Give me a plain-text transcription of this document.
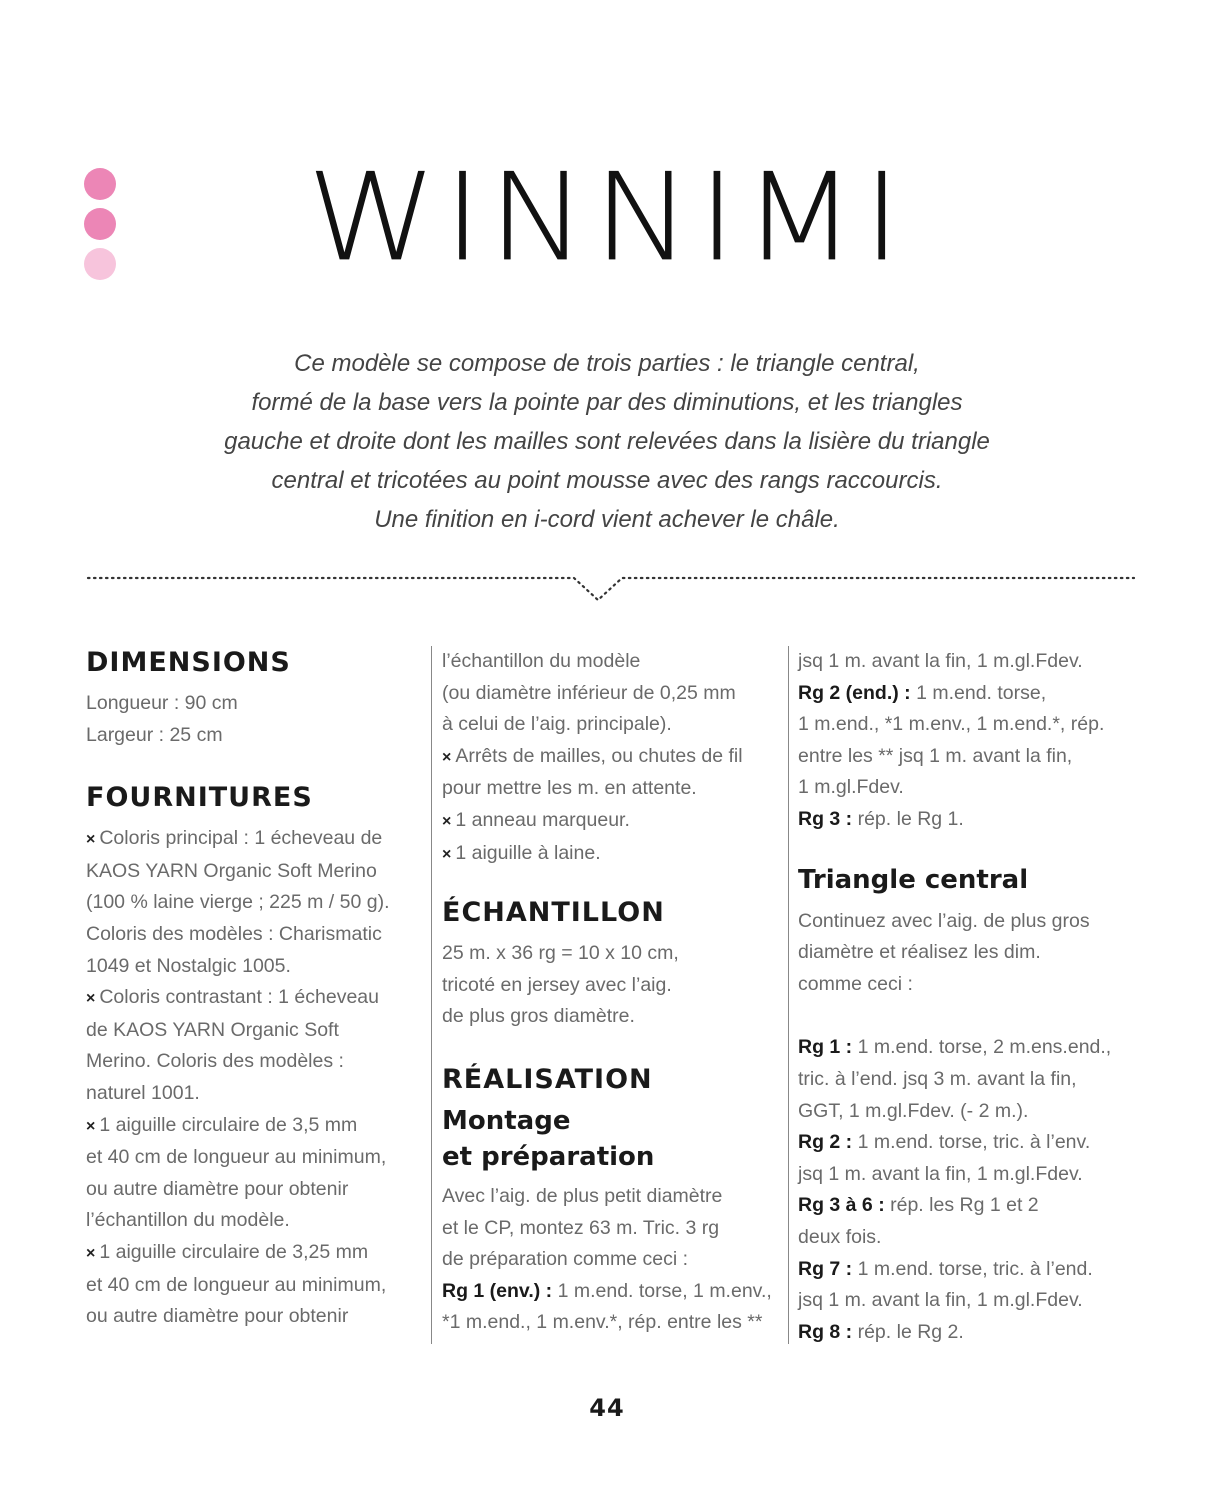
WINNIMI
Ce modèle se compose de trois parties : le triangle central,
formé de la base vers la pointe par des diminutions, et les triangles
gauche et droite dont les mailles sont relevées dans la lisière du triangle
central et tricotées au point mousse avec des rangs raccourcis.
Une finition en i-cord vient achever le châle.
DIMENSIONS
Longueur : 90 cm
Largeur : 25 cm
FOURNITURES
× Coloris principal : 1 écheveau de
KAOS YARN Organic Soft Merino
(100 % laine vierge ; 225 m / 50 g).
Coloris des modèles : Charismatic
1049 et Nostalgic 1005.
× Coloris contrastant : 1 écheveau
de KAOS YARN Organic Soft
Merino. Coloris des modèles :
naturel 1001.
× 1 aiguille circulaire de 3,5 mm
et 40 cm de longueur au minimum,
ou autre diamètre pour obtenir
l’échantillon du modèle.
× 1 aiguille circulaire de 3,25 mm
et 40 cm de longueur au minimum,
ou autre diamètre pour obtenir
l’échantillon du modèle
(ou diamètre inférieur de 0,25 mm
à celui de l’aig. principale).
× Arrêts de mailles, ou chutes de fil
pour mettre les m. en attente.
× 1 anneau marqueur.
× 1 aiguille à laine.
ÉCHANTILLON
25 m. x 36 rg = 10 x 10 cm,
tricoté en jersey avec l’aig.
de plus gros diamètre.
RÉALISATION
Montage
et préparation
Avec l’aig. de plus petit diamètre
et le CP, montez 63 m. Tric. 3 rg
de préparation comme ceci :
Rg 1 (env.) : 1 m.end. torse, 1 m.env.,
*1 m.end., 1 m.env.*, rép. entre les **
jsq 1 m. avant la fin, 1 m.gl.Fdev.
Rg 2 (end.) : 1 m.end. torse,
1 m.end., *1 m.env., 1 m.end.*, rép.
entre les ** jsq 1 m. avant la fin,
1 m.gl.Fdev.
Rg 3 : rép. le Rg 1.
Triangle central
Continuez avec l’aig. de plus gros
diamètre et réalisez les dim.
comme ceci :
Rg 1 : 1 m.end. torse, 2 m.ens.end.,
tric. à l’end. jsq 3 m. avant la fin,
GGT, 1 m.gl.Fdev. (- 2 m.).
Rg 2 : 1 m.end. torse, tric. à l’env.
jsq 1 m. avant la fin, 1 m.gl.Fdev.
Rg 3 à 6 : rép. les Rg 1 et 2
deux fois.
Rg 7 : 1 m.end. torse, tric. à l’end.
jsq 1 m. avant la fin, 1 m.gl.Fdev.
Rg 8 : rép. le Rg 2.
44
